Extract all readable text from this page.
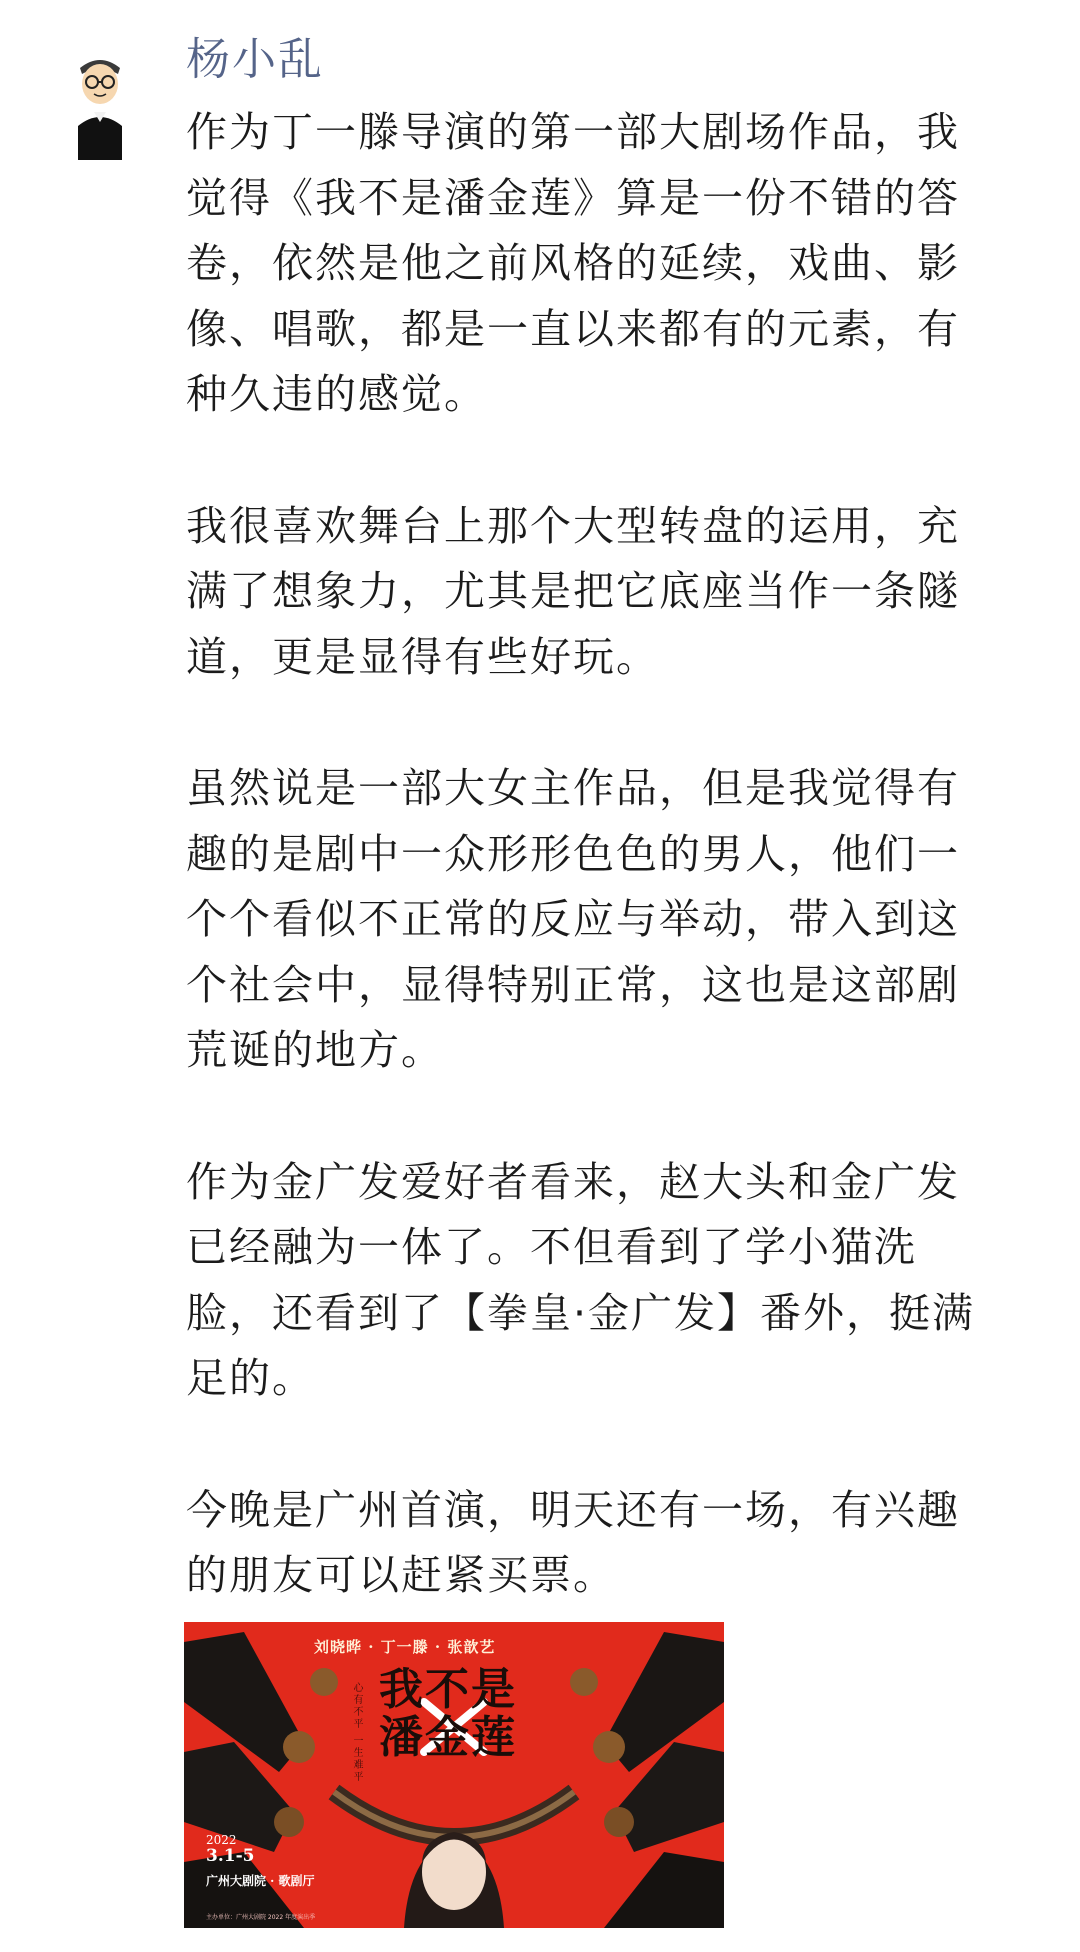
杨小乱

作为丁一滕导演的第一部大剧场作品，我
觉得《我不是潘金莲》算是一份不错的答
卷，依然是他之前风格的延续，戏曲、影
像、唱歌，都是一直以来都有的元素，有
种久违的感觉。

我很喜欢舞台上那个大型转盘的运用，充
满了想象力，尤其是把它底座当作一条隧
道，更是显得有些好玩。

虽然说是一部大女主作品，但是我觉得有
趣的是剧中一众形形色色的男人，他们一
个个看似不正常的反应与举动，带入到这
个社会中，显得特别正常，这也是这部剧
荒诞的地方。

作为金广发爱好者看来，赵大头和金广发
已经融为一体了。不但看到了学小猫洗
脸，还看到了【拳皇·金广发】番外，挺满
足的。

今晚是广州首演，明天还有一场，有兴趣
的朋友可以赶紧买票。

刘晓晔 · 丁一滕 · 张歆艺
我不是
潘金莲
心有不平 一生难平
2022
3.1-5
广州大剧院 · 歌剧厅
主办单位：广州大剧院 2022 年度演出季
